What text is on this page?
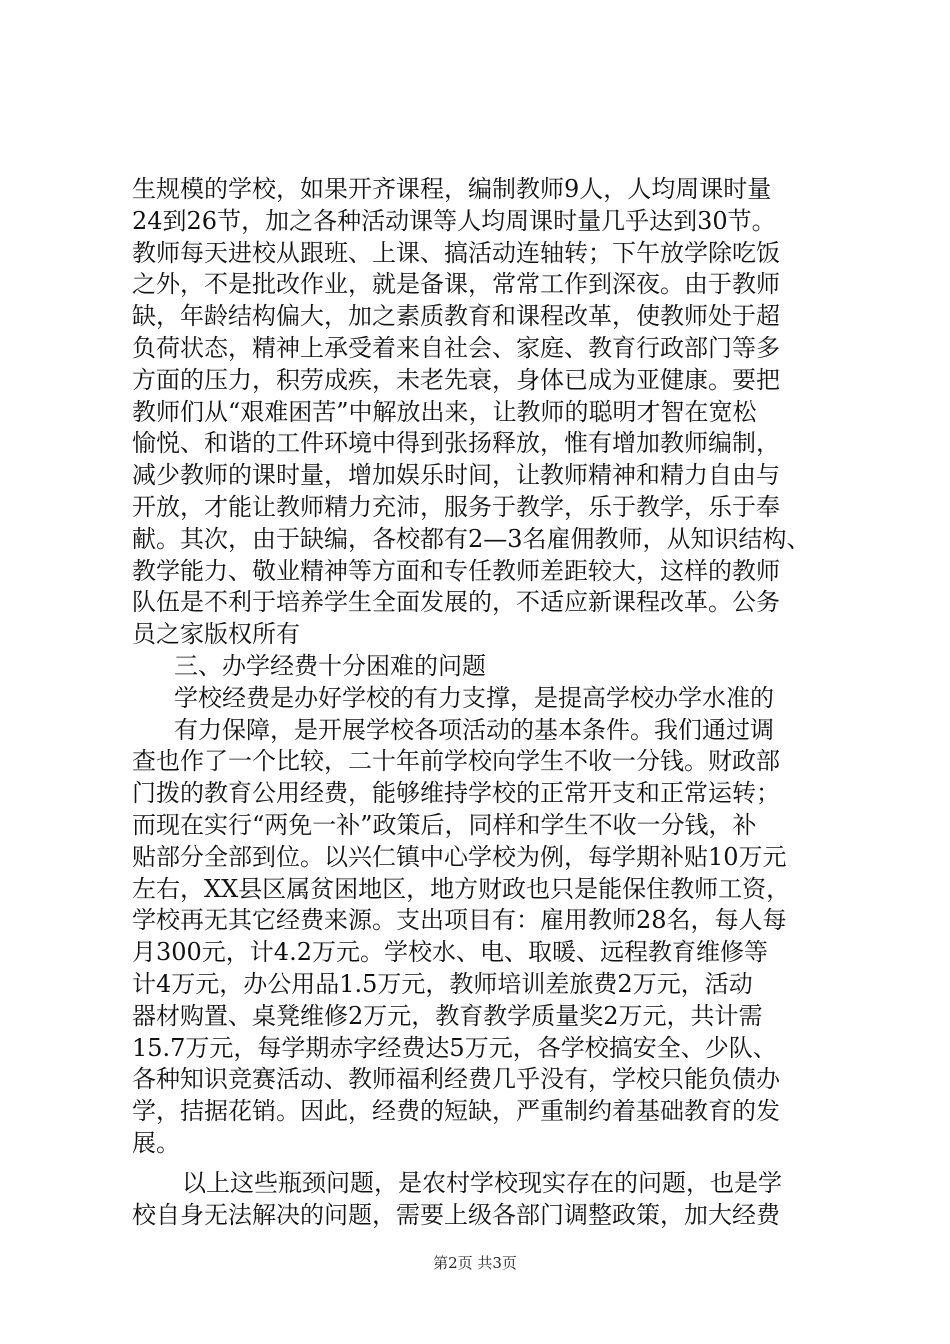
生规模的学校，如果开齐课程，编制教师9人，人均周课时量
24到26节，加之各种活动课等人均周课时量几乎达到30节。
教师每天进校从跟班、上课、搞活动连轴转；下午放学除吃饭
之外，不是批改作业，就是备课，常常工作到深夜。由于教师
缺，年龄结构偏大，加之素质教育和课程改革，使教师处于超
负荷状态，精神上承受着来自社会、家庭、教育行政部门等多
方面的压力，积劳成疾，未老先衰，身体已成为亚健康。要把
教师们从“艰难困苦”中解放出来，让教师的聪明才智在宽松
愉悦、和谐的工件环境中得到张扬释放，惟有增加教师编制，
减少教师的课时量，增加娱乐时间，让教师精神和精力自由与
开放，才能让教师精力充沛，服务于教学，乐于教学，乐于奉
献。其次，由于缺编，各校都有2—3名雇佣教师，从知识结构、
教学能力、敬业精神等方面和专任教师差距较大，这样的教师
队伍是不利于培养学生全面发展的，不适应新课程改革。公务
员之家版权所有
三、办学经费十分困难的问题
学校经费是办好学校的有力支撑，是提高学校办学水准的
有力保障，是开展学校各项活动的基本条件。我们通过调
查也作了一个比较，二十年前学校向学生不收一分钱。财政部
门拨的教育公用经费，能够维持学校的正常开支和正常运转；
而现在实行“两免一补”政策后，同样和学生不收一分钱，补
贴部分全部到位。以兴仁镇中心学校为例，每学期补贴10万元
左右，XX县区属贫困地区，地方财政也只是能保住教师工资，
学校再无其它经费来源。支出项目有：雇用教师28名，每人每
月300元，计4.2万元。学校水、电、取暖、远程教育维修等
计4万元，办公用品1.5万元，教师培训差旅费2万元，活动
器材购置、桌凳维修2万元，教育教学质量奖2万元，共计需
15.7万元，每学期赤字经费达5万元，各学校搞安全、少队、
各种知识竞赛活动、教师福利经费几乎没有，学校只能负债办
学，拮据花销。因此，经费的短缺，严重制约着基础教育的发
展。
以上这些瓶颈问题，是农村学校现实存在的问题，也是学
校自身无法解决的问题，需要上级各部门调整政策，加大经费
第2页 共3页
